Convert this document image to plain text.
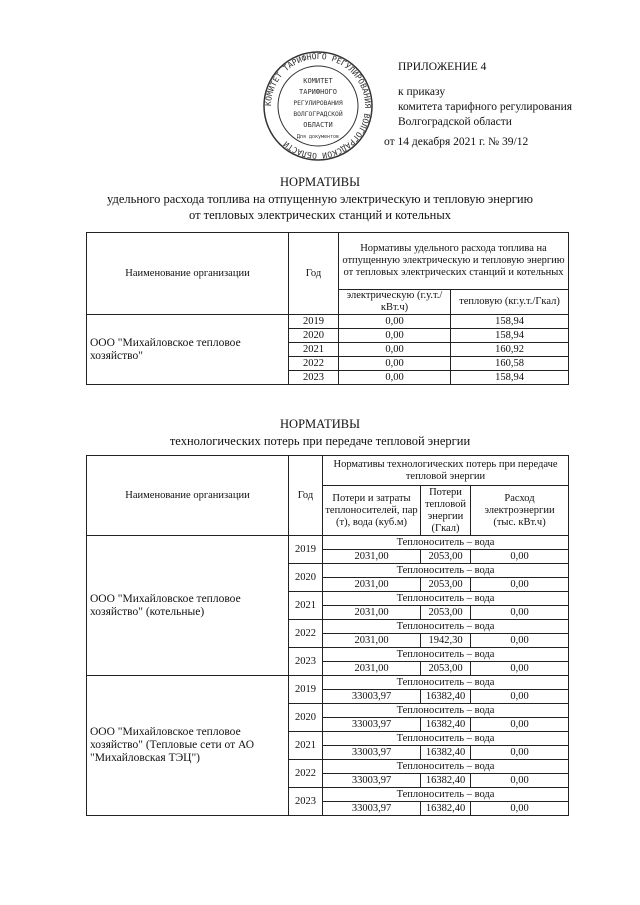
КОМИТЕТ ТАРИФНОГО РЕГУЛИРОВАНИЯ ВОЛГОГРАДСКОЙ ОБЛАСТИ
КОМИТЕТ
ТАРИФНОГО
РЕГУЛИРОВАНИЯ
ВОЛГОГРАДСКОЙ
ОБЛАСТИ
Для документов
ПРИЛОЖЕНИЕ 4
к приказу
комитета тарифного регулирования
Волгоградской области
от 14 декабря 2021 г. № 39/12
НОРМАТИВЫ
удельного расхода топлива на отпущенную электрическую и тепловую энергию
от тепловых электрических станций и котельных
Наименование организации	Год	Нормативы удельного расхода топлива на отпущенную электрическую и тепловую энергию от тепловых электрических станций и котельных	
		электрическую (г.у.т./кВт.ч)	тепловую (кг.у.т./Гкал)
ООО "Михайловское тепловое хозяйство"	2019	0,00	158,94
	2020	0,00	158,94
	2021	0,00	160,92
	2022	0,00	160,58
	2023	0,00	158,94
НОРМАТИВЫ
технологических потерь при передаче тепловой энергии
Наименование организации	Год	Нормативы технологических потерь при передаче тепловой энергии		
		Потери и затраты теплоносителей, пар (т), вода (куб.м)	Потери тепловой энергии (Гкал)	Расход электроэнергии (тыс. кВт.ч)
ООО "Михайловское тепловое хозяйство" (котельные)	2019	Теплоноситель – вода		
		2031,00	2053,00	0,00
	2020	Теплоноситель – вода		
		2031,00	2053,00	0,00
	2021	Теплоноситель – вода		
		2031,00	2053,00	0,00
	2022	Теплоноситель – вода		
		2031,00	1942,30	0,00
	2023	Теплоноситель – вода		
		2031,00	2053,00	0,00
ООО "Михайловское тепловое хозяйство" (Тепловые сети от АО "Михайловская ТЭЦ")	2019	Теплоноситель – вода		
		33003,97	16382,40	0,00
	2020	Теплоноситель – вода		
		33003,97	16382,40	0,00
	2021	Теплоноситель – вода		
		33003,97	16382,40	0,00
	2022	Теплоноситель – вода		
		33003,97	16382,40	0,00
	2023	Теплоноситель – вода		
		33003,97	16382,40	0,00
